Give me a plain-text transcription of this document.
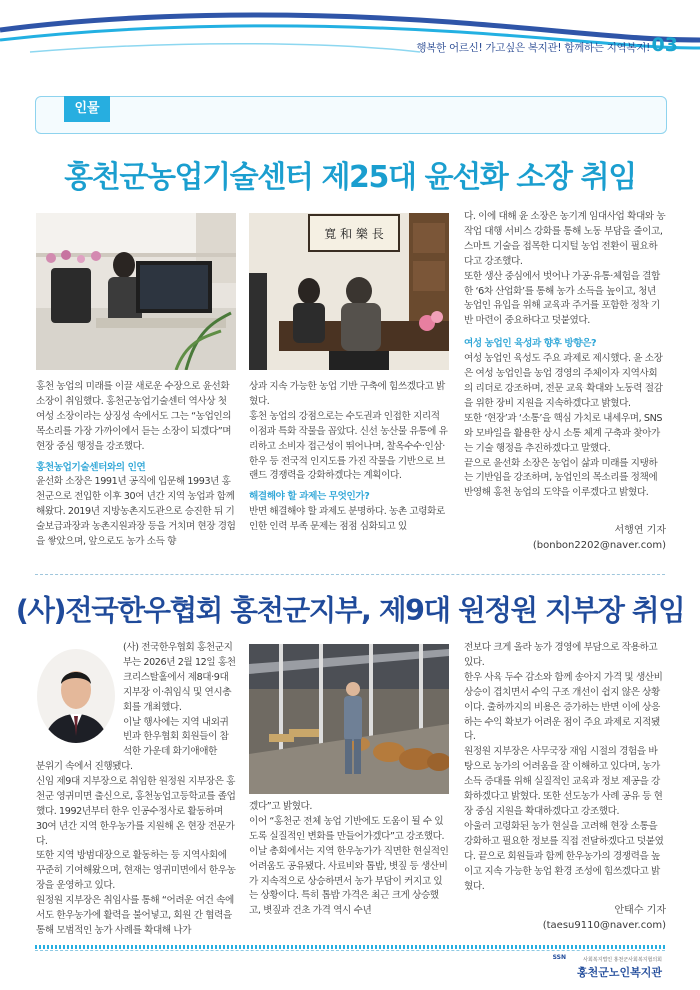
행복한 어르신! 가고싶은 복지관! 함께하는 지역복지! 03
인물
홍천군농업기술센터 제25대 윤선화 소장 취임
寬 和 樂 長

홍천 농업의 미래를 이끌 새로운 수장으로 윤선화 소장이 취임했다. 홍천군농업기술센터 역사상 첫 여성 소장이라는 상징성 속에서도 그는 “농업인의 목소리를 가장 가까이에서 듣는 소장이 되겠다”며 현장 중심 행정을 강조했다.

홍천농업기술센터와의 인연

윤선화 소장은 1991년 공직에 입문해 1993년 홍천군으로 전입한 이후 30여 년간 지역 농업과 함께해왔다. 2019년 지방농촌지도관으로 승진한 뒤 기술보급과장과 농촌지원과장 등을 거치며 현장 경험을 쌓았으며, 앞으로도 농가 소득 향

상과 지속 가능한 농업 기반 구축에 힘쓰겠다고 밝혔다.

홍천 농업의 강점으로는 수도권과 인접한 지리적 이점과 특화 작물을 꼽았다. 신선 농산물 유통에 유리하고 소비자 접근성이 뛰어나며, 찰옥수수·인삼·한우 등 전국적 인지도를 가진 작물을 기반으로 브랜드 경쟁력을 강화하겠다는 계획이다.

해결해야 할 과제는 무엇인가?

반면 해결해야 할 과제도 분명하다. 농촌 고령화로 인한 인력 부족 문제는 점점 심화되고 있

다. 이에 대해 윤 소장은 농기계 임대사업 확대와 농작업 대행 서비스 강화를 통해 노동 부담을 줄이고, 스마트 기술을 접목한 디지털 농업 전환이 필요하다고 강조했다.

또한 생산 중심에서 벗어나 가공·유통·체험을 결합한 ‘6차 산업화’를 통해 농가 소득을 높이고, 청년 농업인 유입을 위해 교육과 주거를 포함한 정착 기반 마련이 중요하다고 덧붙였다.

여성 농업인 육성과 향후 방향은?

여성 농업인 육성도 주요 과제로 제시했다. 윤 소장은 여성 농업인을 농업 경영의 주체이자 지역사회의 리더로 강조하며, 전문 교육 확대와 노동력 절감을 위한 장비 지원을 지속하겠다고 밝혔다.

또한 ‘현장’과 ‘소통’을 핵심 가치로 내세우며, SNS와 모바일을 활용한 상시 소통 체계 구축과 찾아가는 기술 행정을 추진하겠다고 말했다.

끝으로 윤선화 소장은 농업이 삶과 미래를 지탱하는 기반임을 강조하며, 농업인의 목소리를 정책에 반영해 홍천 농업의 도약을 이루겠다고 밝혔다.

서행연 기자
(bonbon2202@naver.com)
(사)전국한우협회 홍천군지부, 제9대 원정원 지부장 취임

(사) 전국한우협회 홍천군지부는 2026년 2월 12일 홍천 크리스탈홀에서 제8대·9대 지부장 이·취임식 및 연시총회를 개최했다.

이날 행사에는 지역 내외귀빈과 한우협회 회원들이 참석한 가운데 화기애애한

분위기 속에서 진행됐다.

신임 제9대 지부장으로 취임한 원정원 지부장은 홍천군 영귀미면 출신으로, 홍천농업고등학교를 졸업했다. 1992년부터 한우 인공수정사로 활동하며 30여 년간 지역 한우농가를 지원해 온 현장 전문가다.

또한 지역 방범대장으로 활동하는 등 지역사회에 꾸준히 기여해왔으며, 현재는 영귀미면에서 한우농장을 운영하고 있다.

원정원 지부장은 취임사를 통해 “어려운 여건 속에서도 한우농가에 활력을 불어넣고, 회원 간 협력을 통해 모범적인 농가 사례를 확대해 나가

겠다”고 밝혔다.

이어 “홍천군 전체 농업 기반에도 도움이 될 수 있도록 실질적인 변화를 만들어가겠다”고 강조했다.

이날 총회에서는 지역 한우농가가 직면한 현실적인 어려움도 공유됐다. 사료비와 톱밥, 볏짚 등 생산비가 지속적으로 상승하면서 농가 부담이 커지고 있는 상황이다. 특히 톱밥 가격은 최근 크게 상승했고, 볏짚과 건초 가격 역시 수년

전보다 크게 올라 농가 경영에 부담으로 작용하고 있다.

한우 사육 두수 감소와 함께 송아지 가격 및 생산비 상승이 겹치면서 수익 구조 개선이 쉽지 않은 상황이다. 출하까지의 비용은 증가하는 반면 이에 상응하는 수익 확보가 어려운 점이 주요 과제로 지적됐다.

원정원 지부장은 사무국장 재임 시절의 경험을 바탕으로 농가의 어려움을 잘 이해하고 있다며, 농가 소득 증대를 위해 실질적인 교육과 정보 제공을 강화하겠다고 밝혔다. 또한 선도농가 사례 공유 등 현장 중심 지원을 확대하겠다고 강조했다.

아울러 고령화된 농가 현실을 고려해 현장 소통을 강화하고 필요한 정보를 직접 전달하겠다고 덧붙였다. 끝으로 회원들과 함께 한우농가의 경쟁력을 높이고 지속 가능한 농업 환경 조성에 힘쓰겠다고 밝혔다.

안태수 기자
(taesu9110@naver.com)
SSN	사회복지법인 홍천군사회복지협의회
홍천군노인복지관
